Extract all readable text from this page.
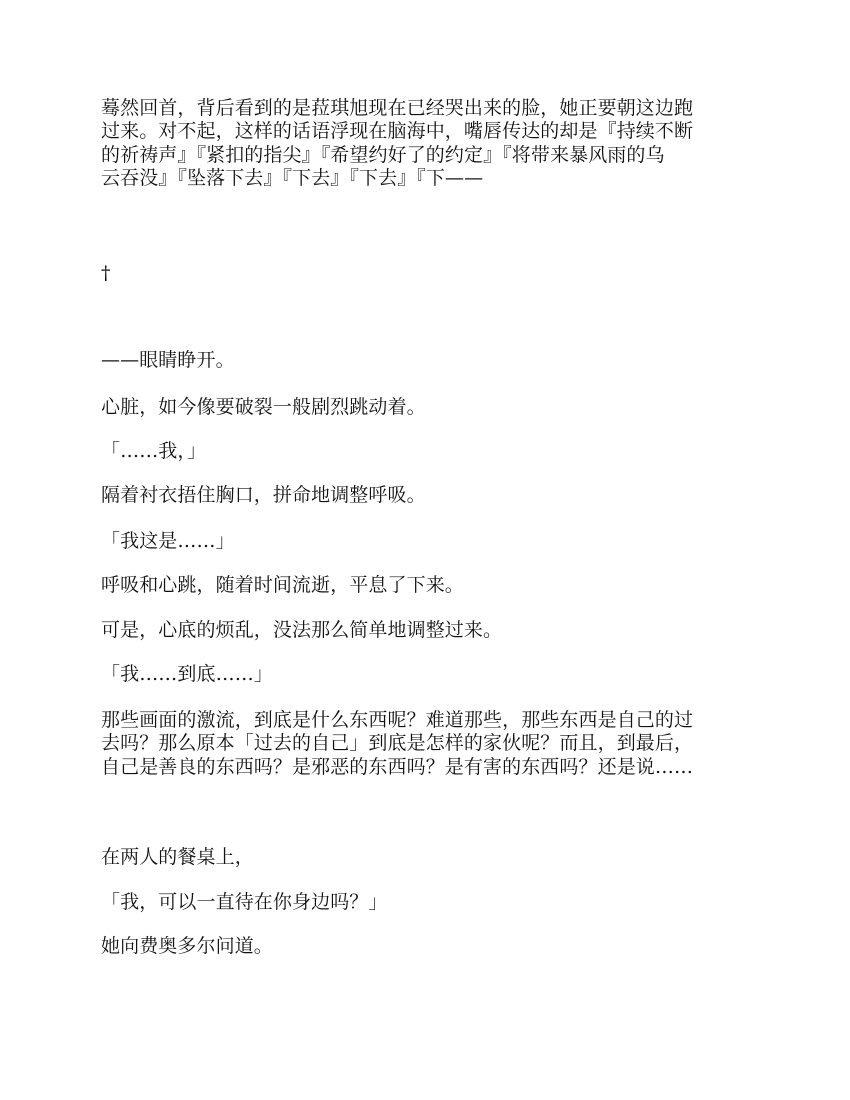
蓦然回首，背后看到的是菈琪旭现在已经哭出来的脸，她正要朝这边跑
过来。对不起，这样的话语浮现在脑海中，嘴唇传达的却是『持续不断
的祈祷声』『紧扣的指尖』『希望约好了的约定』『将带来暴风雨的乌
云吞没』『坠落下去』『下去』『下去』『下——

†

——眼睛睁开。

心脏，如今像要破裂一般剧烈跳动着。

「……我，」

隔着衬衣捂住胸口，拼命地调整呼吸。

「我这是……」

呼吸和心跳，随着时间流逝，平息了下来。

可是，心底的烦乱，没法那么简单地调整过来。

「我……到底……」

那些画面的激流，到底是什么东西呢？难道那些，那些东西是自己的过
去吗？那么原本「过去的自己」到底是怎样的家伙呢？而且，到最后，
自己是善良的东西吗？是邪恶的东西吗？是有害的东西吗？还是说……

在两人的餐桌上，

「我，可以一直待在你身边吗？」

她向费奥多尔问道。
